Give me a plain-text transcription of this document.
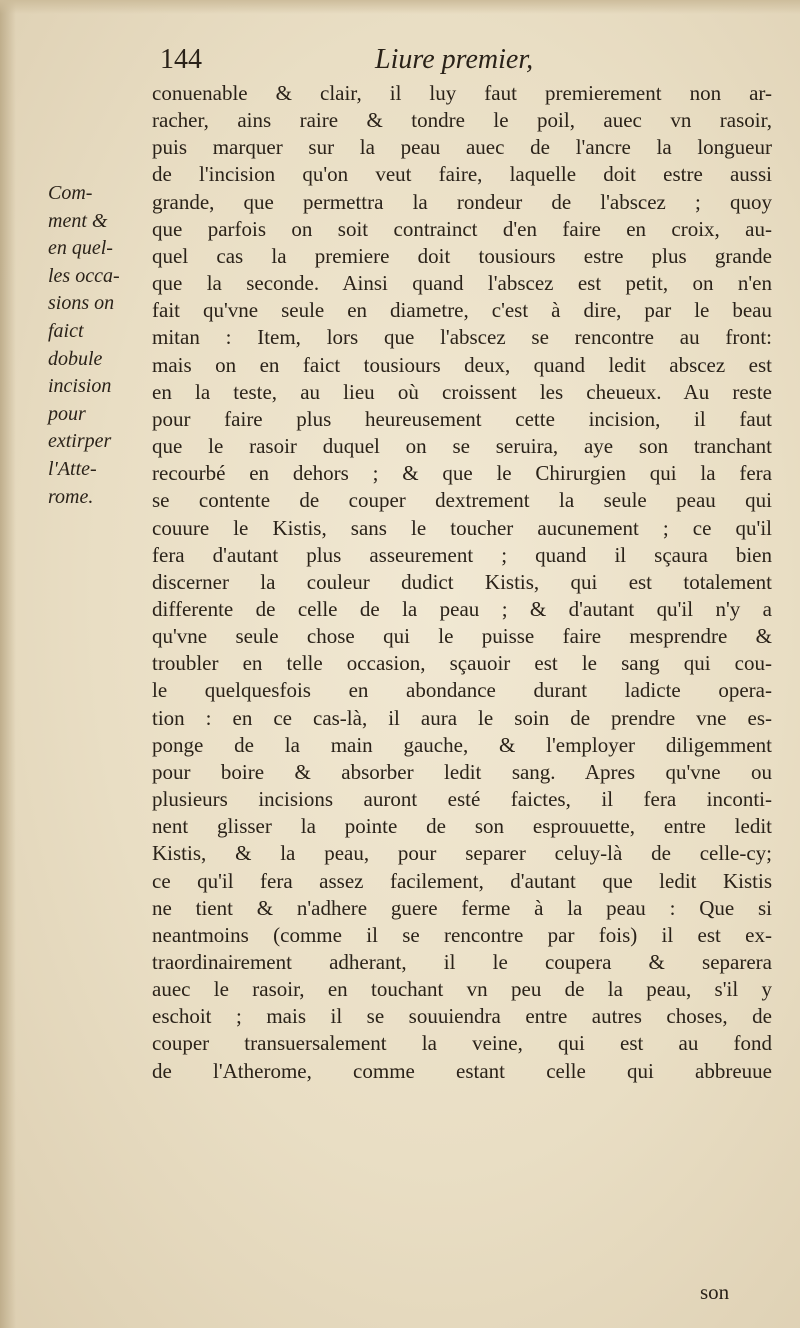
144	Liure premier,
Com-
ment &
en quel-
les occa-
sions on
faict
dobule
incision
pour
extirper
l'Atte-
rome.
conuenable & clair, il luy faut premierement non ar-
racher, ains raire & tondre le poil, auec vn rasoir,
puis marquer sur la peau auec de l'ancre la longueur
de l'incision qu'on veut faire, laquelle doit estre aussi
grande, que permettra la rondeur de l'abscez ; quoy
que parfois on soit contrainct d'en faire en croix, au-
quel cas la premiere doit tousiours estre plus grande
que la seconde. Ainsi quand l'abscez est petit, on n'en
fait qu'vne seule en diametre, c'est à dire, par le beau
mitan : Item, lors que l'abscez se rencontre au front:
mais on en faict tousiours deux, quand ledit abscez est
en la teste, au lieu où croissent les cheueux. Au reste
pour faire plus heureusement cette incision, il faut
que le rasoir duquel on se seruira, aye son tranchant
recourbé en dehors ; & que le Chirurgien qui la fera
se contente de couper dextrement la seule peau qui
couure le Kistis, sans le toucher aucunement ; ce qu'il
fera d'autant plus asseurement ; quand il sçaura bien
discerner la couleur dudict Kistis, qui est totalement
differente de celle de la peau ; & d'autant qu'il n'y a
qu'vne seule chose qui le puisse faire mesprendre &
troubler en telle occasion, sçauoir est le sang qui cou-
le quelquesfois en abondance durant ladicte opera-
tion : en ce cas-là, il aura le soin de prendre vne es-
ponge de la main gauche, & l'employer diligemment
pour boire & absorber ledit sang. Apres qu'vne ou
plusieurs incisions auront esté faictes, il fera inconti-
nent glisser la pointe de son esprouuette, entre ledit
Kistis, & la peau, pour separer celuy-là de celle-cy;
ce qu'il fera assez facilement, d'autant que ledit Kistis
ne tient & n'adhere guere ferme à la peau : Que si
neantmoins (comme il se rencontre par fois) il est ex-
traordinairement adherant, il le coupera & separera
auec le rasoir, en touchant vn peu de la peau, s'il y
eschoit ; mais il se souuiendra entre autres choses, de
couper transuersalement la veine, qui est au fond
de l'Atherome, comme estant celle qui abbreuue
son
